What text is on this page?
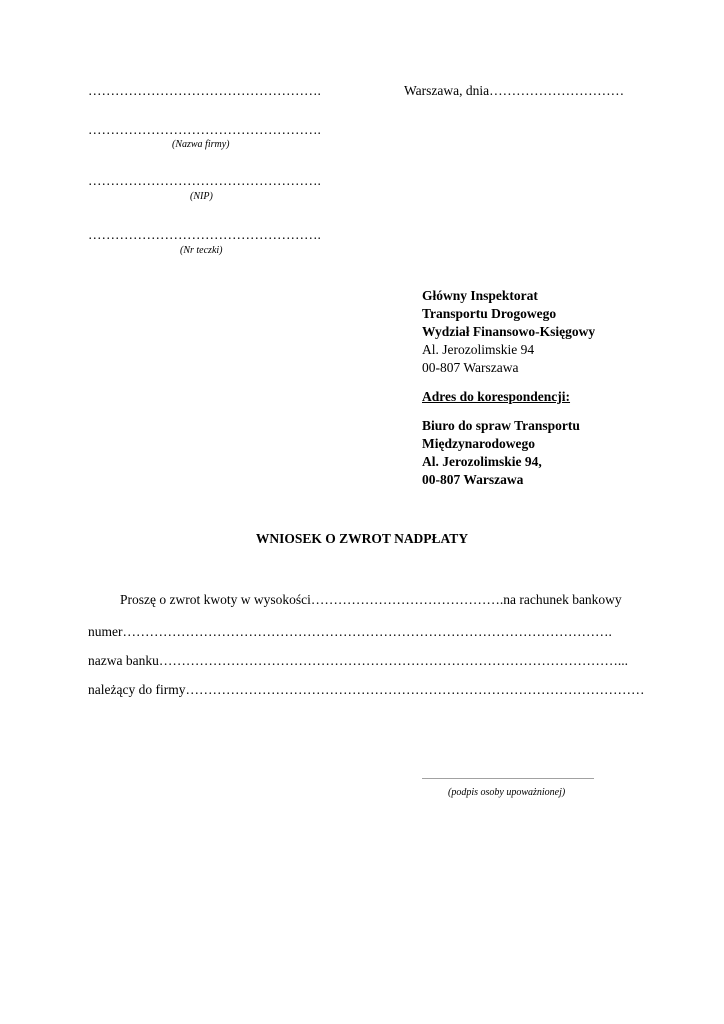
…………………………………………….	Warszawa, dnia…………………………
…………………………………………….
(Nazwa firmy)
…………………………………………….
(NIP)
…………………………………………….
(Nr teczki)
Główny Inspektorat
Transportu Drogowego
Wydział Finansowo-Księgowy
Al. Jerozolimskie 94
00-807 Warszawa
Adres do korespondencji:
Biuro do spraw Transportu
Międzynarodowego
Al. Jerozolimskie 94,
00-807 Warszawa
WNIOSEK O ZWROT NADPŁATY
Proszę o zwrot kwoty w wysokości…………………………………….na rachunek bankowy
numer……………………………………………………………………………………………….
nazwa banku…………………………………………………………………………………………...
należący do firmy…………………………………………………………………………………………
......................................................................................
(podpis osoby upoważnionej)
